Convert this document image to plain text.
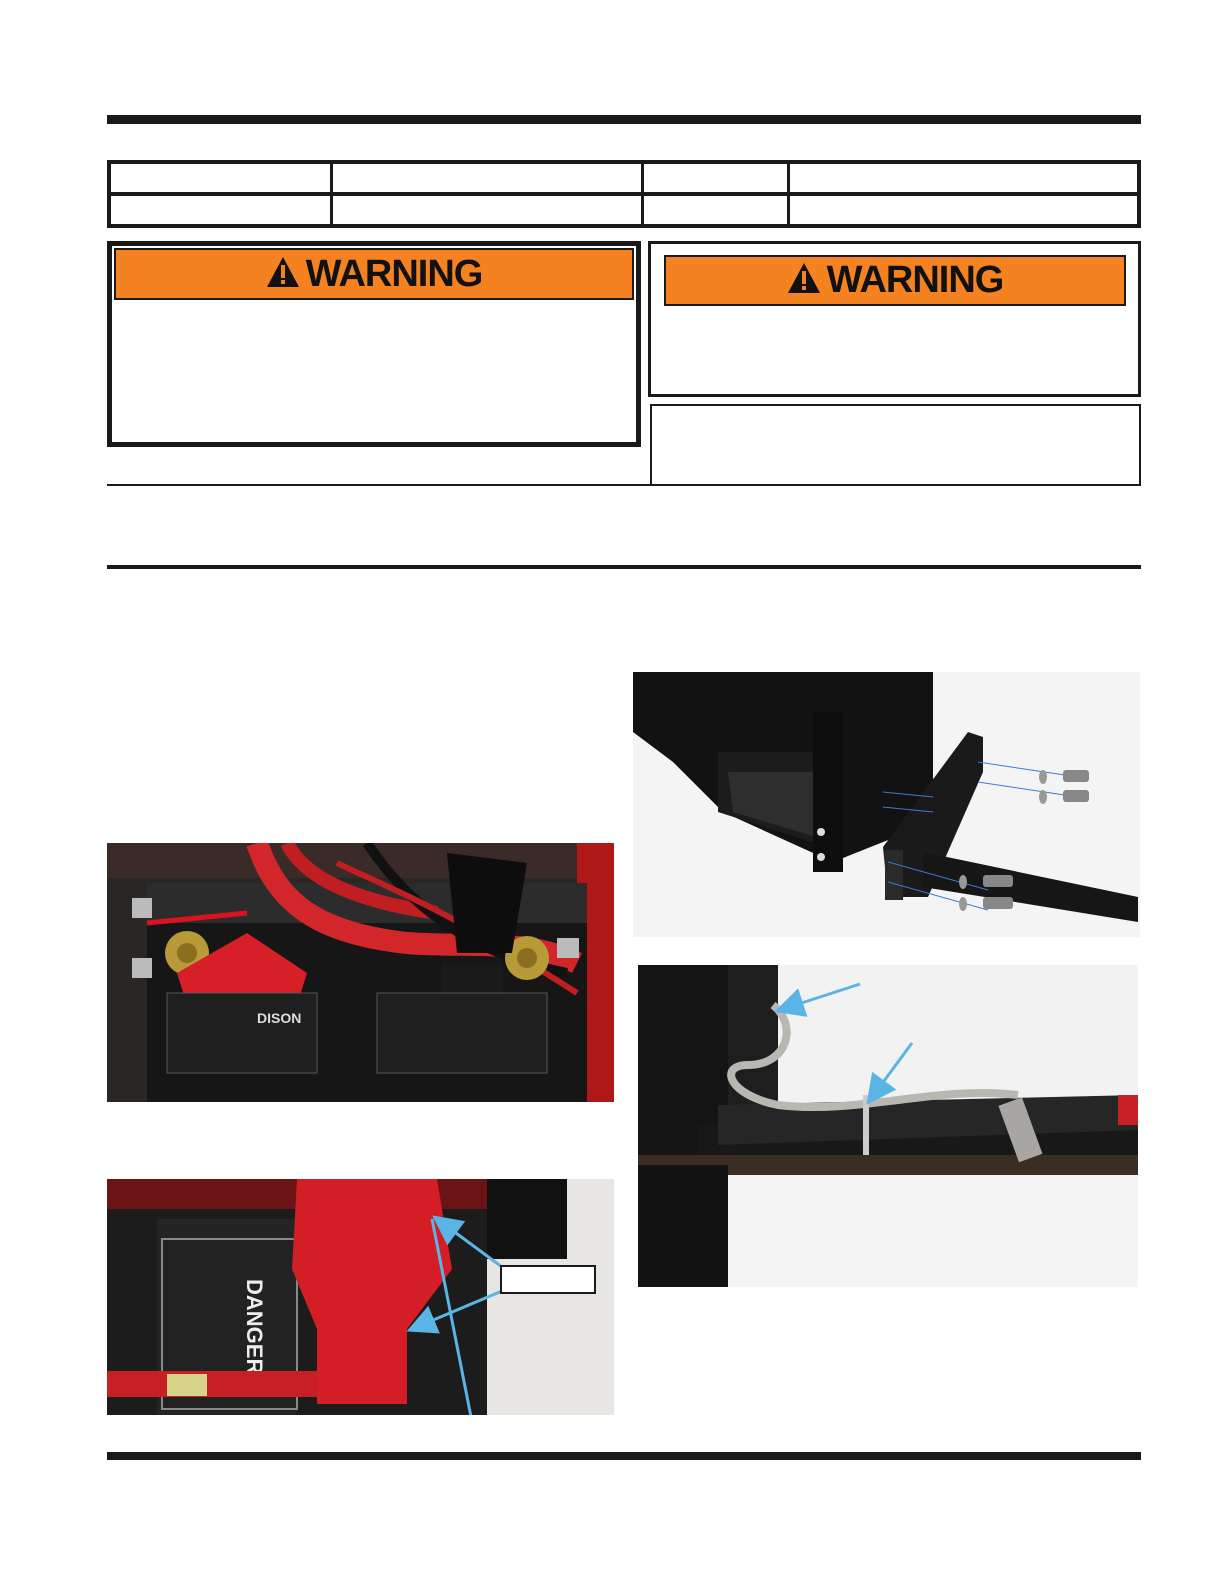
WARNING	WARNING
DISON
DANGER
